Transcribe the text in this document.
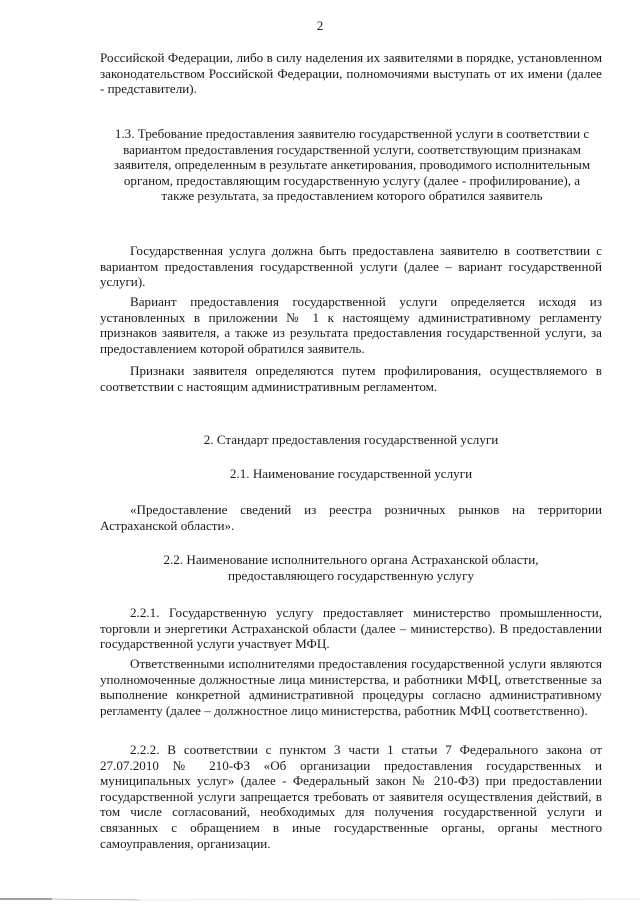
2

Российской Федерации, либо в силу наделения их заявителями в порядке, установленном законодательством Российской Федерации, полномочиями выступать от их имени (далее - представители).

1.3. Требование предоставления заявителю государственной услуги в соответствии с вариантом предоставления государственной услуги, соответствующим признакам заявителя, определенным в результате анкетирования, проводимого исполнительным органом, предоставляющим государственную услугу (далее - профилирование), а также результата, за предоставлением которого обратился заявитель

Государственная услуга должна быть предоставлена заявителю в соответствии с вариантом предоставления государственной услуги (далее – вариант государственной услуги).

Вариант предоставления государственной услуги определяется исходя из установленных в приложении № 1 к настоящему административному регламенту признаков заявителя, а также из результата предоставления государственной услуги, за предоставлением которой обратился заявитель.

Признаки заявителя определяются путем профилирования, осуществляемого в соответствии с настоящим административным регламентом.

2. Стандарт предоставления государственной услуги

2.1. Наименование государственной услуги

«Предоставление сведений из реестра розничных рынков на территории Астраханской области».

2.2. Наименование исполнительного органа Астраханской области, предоставляющего государственную услугу

2.2.1. Государственную услугу предоставляет министерство промышленности, торговли и энергетики Астраханской области (далее – министерство). В предоставлении государственной услуги участвует МФЦ.

Ответственными исполнителями предоставления государственной услуги являются уполномоченные должностные лица министерства, и работники МФЦ, ответственные за выполнение конкретной административной процедуры согласно административному регламенту (далее – должностное лицо министерства, работник МФЦ соответственно).

2.2.2. В соответствии с пунктом 3 части 1 статьи 7 Федерального закона от 27.07.2010 № 210-ФЗ «Об организации предоставления государственных и муниципальных услуг» (далее - Федеральный закон № 210-ФЗ) при предоставлении государственной услуги запрещается требовать от заявителя осуществления действий, в том числе согласований, необходимых для получения государственной услуги и связанных с обращением в иные государственные органы, органы местного самоуправления, организации.
